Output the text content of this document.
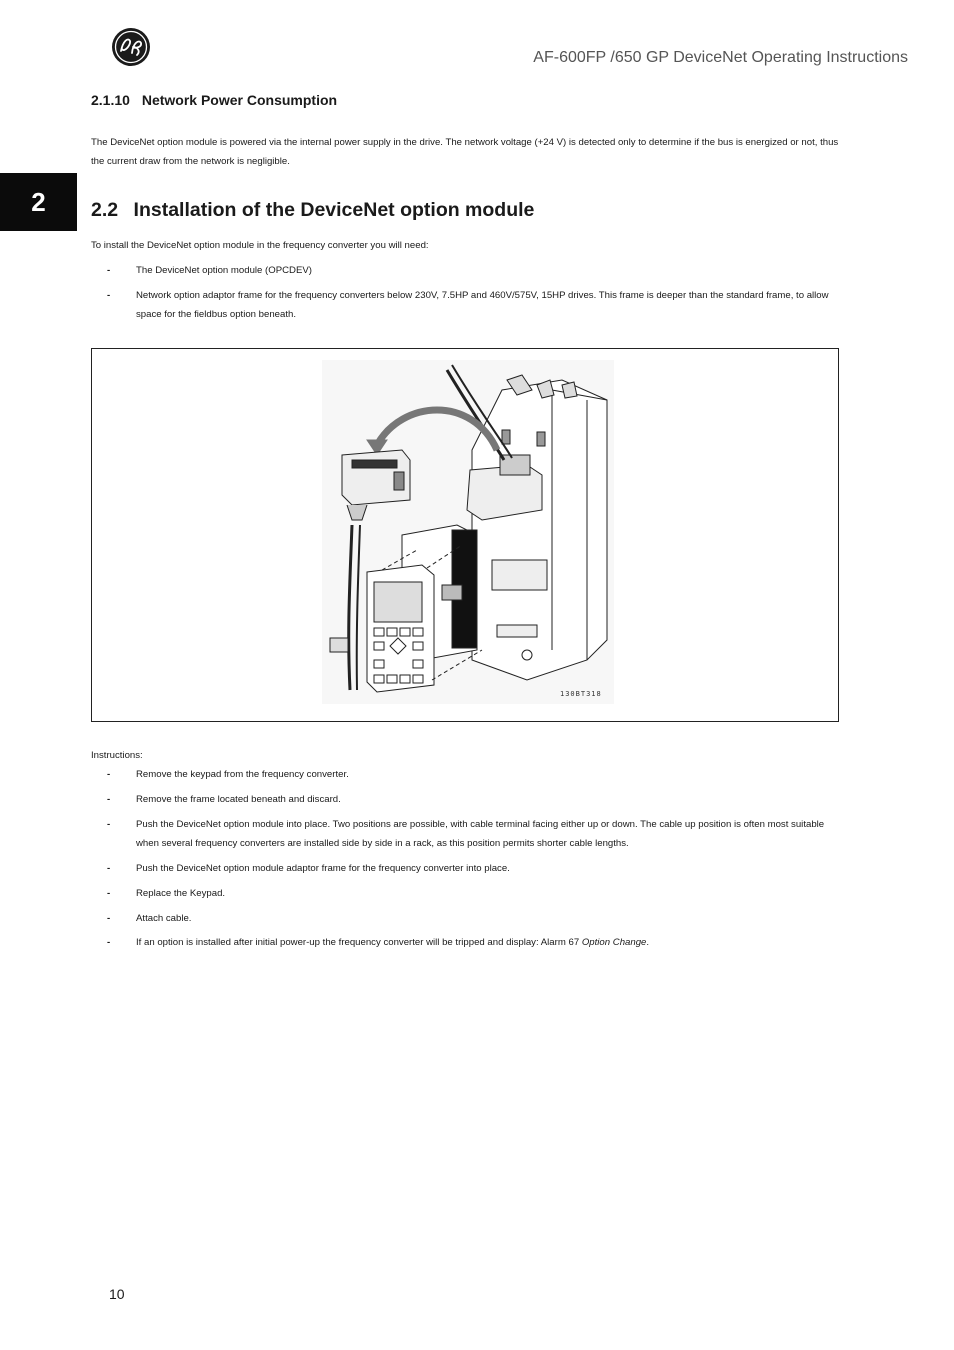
AF-600FP /650 GP DeviceNet Operating Instructions
2
2.1.10 Network Power Consumption
The DeviceNet option module is powered via the internal power supply in the drive. The network voltage (+24 V) is detected only to determine if the bus is energized or not, thus the current draw from the network is negligible.
2.2 Installation of the DeviceNet option module
To install the DeviceNet option module in the frequency converter you will need:
-	The DeviceNet option module (OPCDEV)
-	Network option adaptor frame for the frequency converters below 230V, 7.5HP and 460V/575V, 15HP drives. This frame is deeper than the standard frame, to allow space for the fieldbus option beneath.
130BT318
Instructions:
-	Remove the keypad from the frequency converter.
-	Remove the frame located beneath and discard.
-	Push the DeviceNet option module into place. Two positions are possible, with cable terminal facing either up or down. The cable up position is often most suitable when several frequency converters are installed side by side in a rack, as this position permits shorter cable lengths.
-	Push the DeviceNet option module adaptor frame for the frequency converter into place.
-	Replace the Keypad.
-	Attach cable.
-	If an option is installed after initial power-up the frequency converter will be tripped and display: Alarm 67 Option Change.
10
